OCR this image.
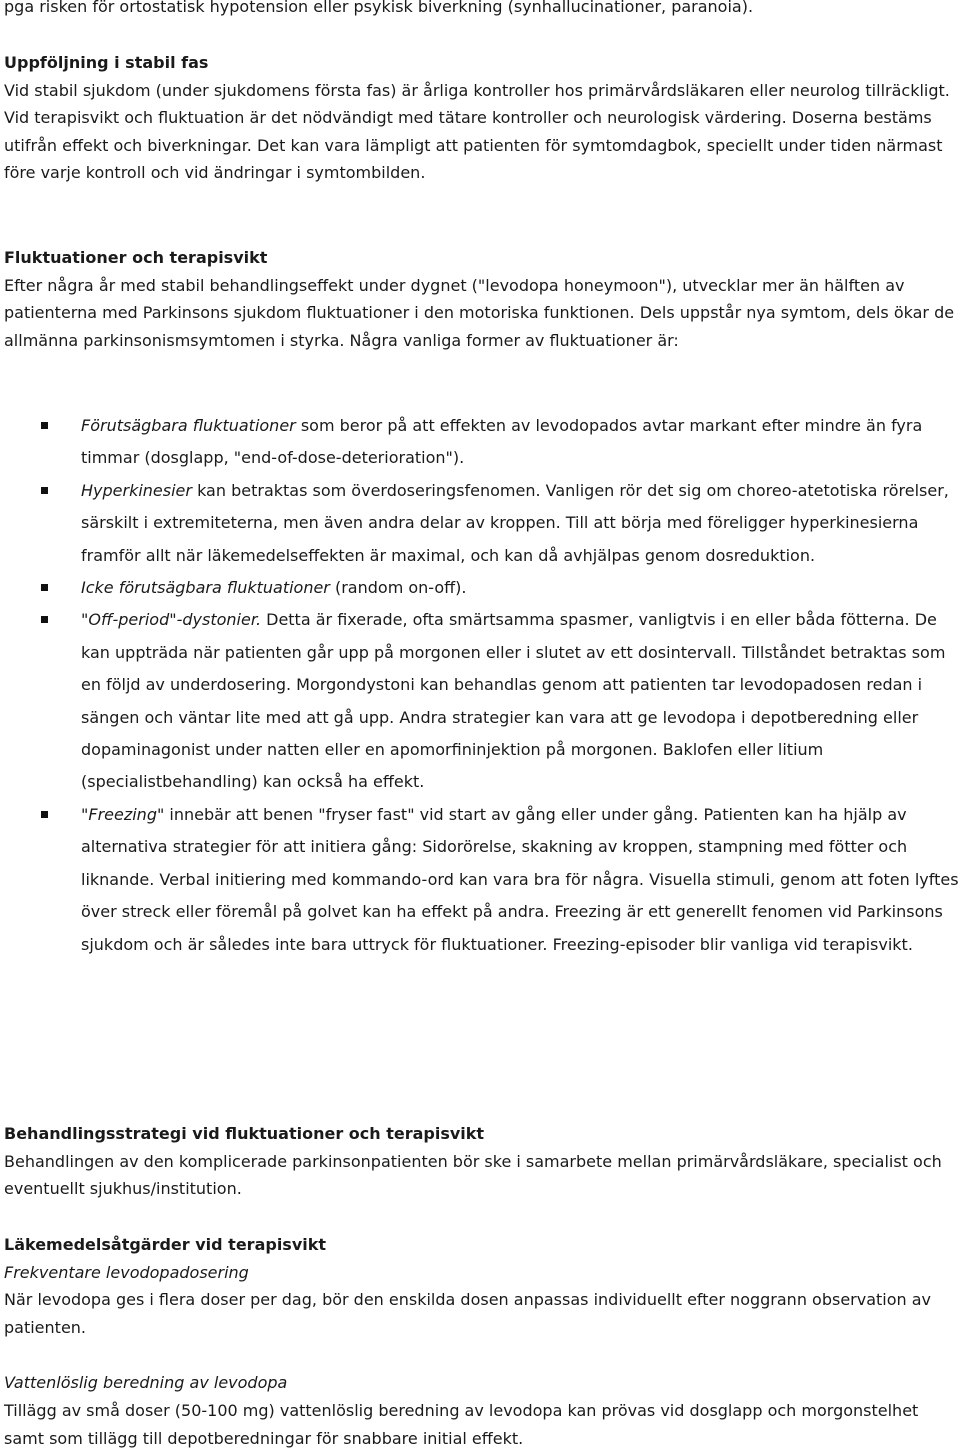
pga risken för ortostatisk hypotension eller psykisk biverkning (synhallucinationer, paranoia).

Uppföljning i stabil fas

Vid stabil sjukdom (under sjukdomens första fas) är årliga kontroller hos primärvårdsläkaren eller neurolog tillräckligt. Vid terapisvikt och fluktuation är det nödvändigt med tätare kontroller och neurologisk värdering. Doserna bestäms utifrån effekt och biverkningar. Det kan vara lämpligt att patienten för symtomdagbok, speciellt under tiden närmast före varje kontroll och vid ändringar i symtombilden.

Fluktuationer och terapisvikt

Efter några år med stabil behandlingseffekt under dygnet ("levodopa honeymoon"), utvecklar mer än hälften av patienterna med Parkinsons sjukdom fluktuationer i den motoriska funktionen. Dels uppstår nya symtom, dels ökar de allmänna parkinsonismsymtomen i styrka. Några vanliga former av fluktuationer är:

Förutsägbara fluktuationer som beror på att effekten av levodopados avtar markant efter mindre än fyra timmar (dosglapp, "end-of-dose-deterioration").
Hyperkinesier kan betraktas som överdoseringsfenomen. Vanligen rör det sig om choreo-atetotiska rörelser, särskilt i extremiteterna, men även andra delar av kroppen. Till att börja med föreligger hyperkinesierna framför allt när läkemedelseffekten är maximal, och kan då avhjälpas genom dosreduktion.
Icke förutsägbara fluktuationer (random on-off).
"Off-period"-dystonier. Detta är fixerade, ofta smärtsamma spasmer, vanligtvis i en eller båda fötterna. De kan uppträda när patienten går upp på morgonen eller i slutet av ett dosintervall. Tillståndet betraktas som en följd av underdosering. Morgondystoni kan behandlas genom att patienten tar levodopadosen redan i sängen och väntar lite med att gå upp. Andra strategier kan vara att ge levodopa i depotberedning eller dopaminagonist under natten eller en apomorfininjektion på morgonen. Baklofen eller litium (specialistbehandling) kan också ha effekt.
"Freezing" innebär att benen "fryser fast" vid start av gång eller under gång. Patienten kan ha hjälp av alternativa strategier för att initiera gång: Sidorörelse, skakning av kroppen, stampning med fötter och liknande. Verbal initiering med kommando-ord kan vara bra för några. Visuella stimuli, genom att foten lyftes över streck eller föremål på golvet kan ha effekt på andra. Freezing är ett generellt fenomen vid Parkinsons sjukdom och är således inte bara uttryck för fluktuationer. Freezing-episoder blir vanliga vid terapisvikt.

Behandlingsstrategi vid fluktuationer och terapisvikt

Behandlingen av den komplicerade parkinsonpatienten bör ske i samarbete mellan primärvårdsläkare, specialist och eventuellt sjukhus/institution.

Läkemedelsåtgärder vid terapisvikt

Frekventare levodopadosering

När levodopa ges i flera doser per dag, bör den enskilda dosen anpassas individuellt efter noggrann observation av patienten.

Vattenlöslig beredning av levodopa

Tillägg av små doser (50-100 mg) vattenlöslig beredning av levodopa kan prövas vid dosglapp och morgonstelhet samt som tillägg till depotberedningar för snabbare initial effekt.
